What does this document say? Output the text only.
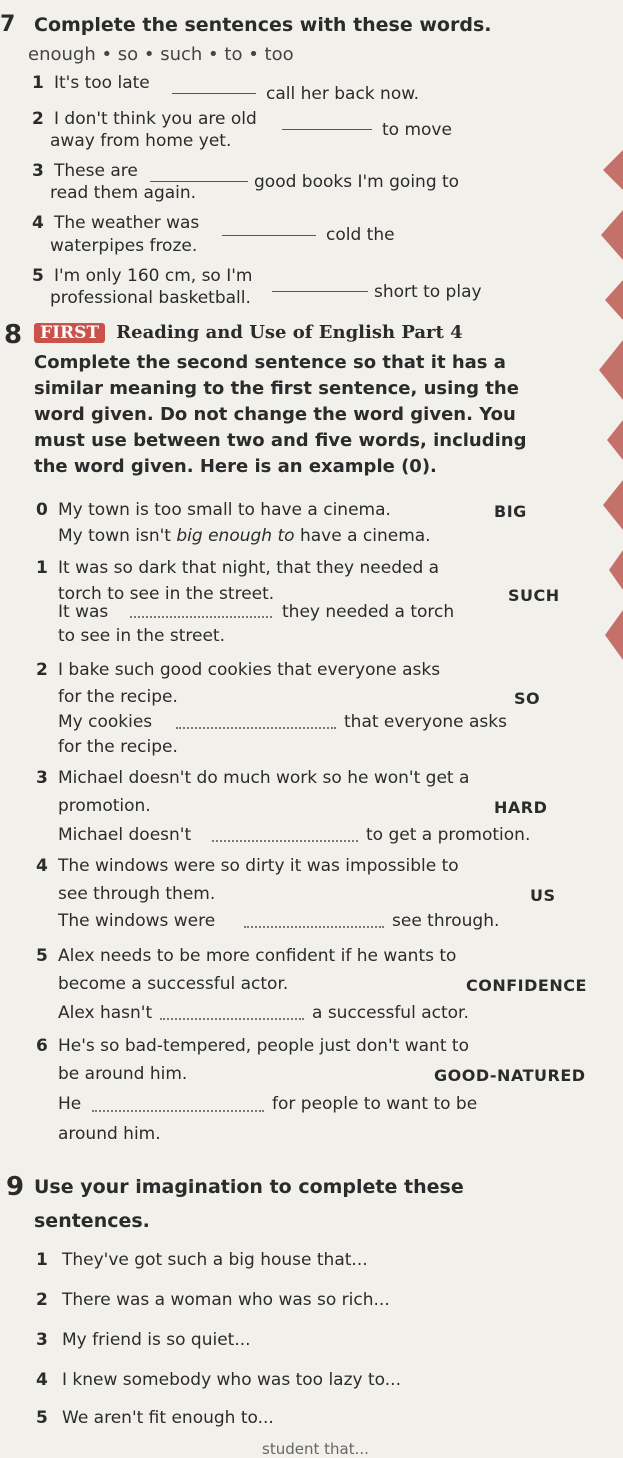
7 Complete the sentences with these words.
enough • so • such • to • too
1 It's too late
call her back now.
2 I don't think you are old
to move
away from home yet.
3 These are
good books I'm going to
read them again.
4 The weather was
cold the
waterpipes froze.
5 I'm only 160 cm, so I'm
short to play
professional basketball.
8	FIRST Reading and Use of English Part 4
Complete the second sentence so that it has a
similar meaning to the first sentence, using the
word given. Do not change the word given. You
must use between two and five words, including
the word given. Here is an example (0).
0 My town is too small to have a cinema.	BIG
My town isn't big enough to have a cinema.
1 It was so dark that night, that they needed a
torch to see in the street.	SUCH
It was	they needed a torch
to see in the street.
2 I bake such good cookies that everyone asks
for the recipe.	SO
My cookies	that everyone asks
for the recipe.
3 Michael doesn't do much work so he won't get a
promotion.	HARD
Michael doesn't	to get a promotion.
4 The windows were so dirty it was impossible to
see through them.	US
The windows were	see through.
5 Alex needs to be more confident if he wants to
become a successful actor.	CONFIDENCE
Alex hasn't	a successful actor.
6 He's so bad-tempered, people just don't want to
be around him.	GOOD-NATURED
He	for people to want to be
around him.
9 Use your imagination to complete these
sentences.
1 They've got such a big house that...
2 There was a woman who was so rich...
3 My friend is so quiet...
4 I knew somebody who was too lazy to...
5 We aren't fit enough to...
student that...
